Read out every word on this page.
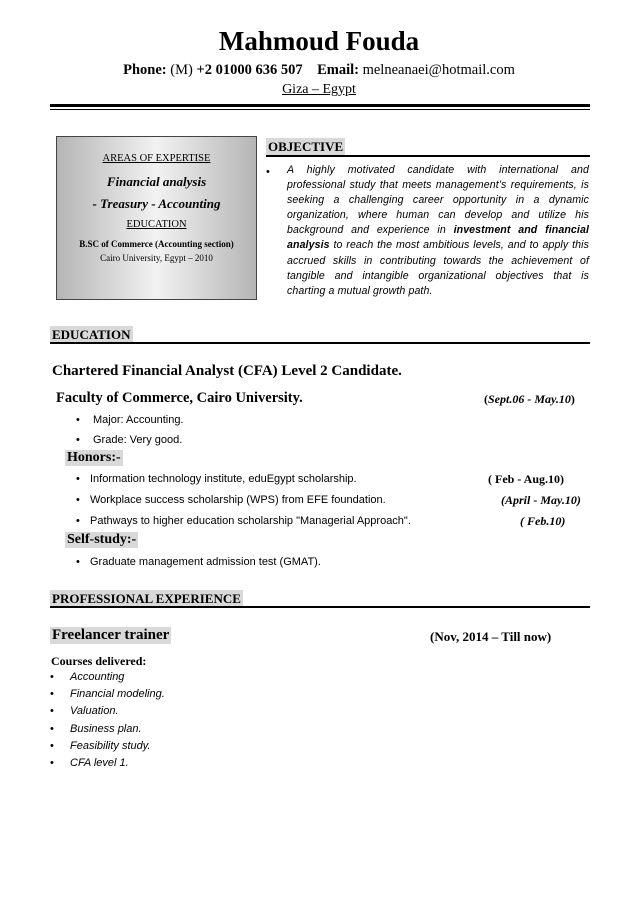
Mahmoud Fouda
Phone: (M) +2 01000 636 507 Email: melneanaei@hotmail.com
Giza – Egypt
AREAS OF EXPERTISE
Financial analysis
- Treasury - Accounting
EDUCATION
B.SC of Commerce (Accounting section)
Cairo University, Egypt – 2010
OBJECTIVE
• A highly motivated candidate with international and professional study that meets management’s requirements, is seeking a challenging career opportunity in a dynamic organization, where human can develop and utilize his background and experience in investment and financial analysis to reach the most ambitious levels, and to apply this accrued skills in contributing towards the achievement of tangible and intangible organizational objectives that is charting a mutual growth path.
EDUCATION
Chartered Financial Analyst (CFA) Level 2 Candidate.
Faculty of Commerce, Cairo University.	(Sept.06 - May.10)
• Major: Accounting.
• Grade: Very good.
Honors:-
• Information technology institute, eduEgypt scholarship.	( Feb - Aug.10)
• Workplace success scholarship (WPS) from EFE foundation.	(April - May.10)
• Pathways to higher education scholarship "Managerial Approach".	( Feb.10)
Self-study:-
• Graduate management admission test (GMAT).
PROFESSIONAL EXPERIENCE
Freelancer trainer	(Nov, 2014 – Till now)
Courses delivered:
• Accounting
• Financial modeling.
• Valuation.
• Business plan.
• Feasibility study.
• CFA level 1.
